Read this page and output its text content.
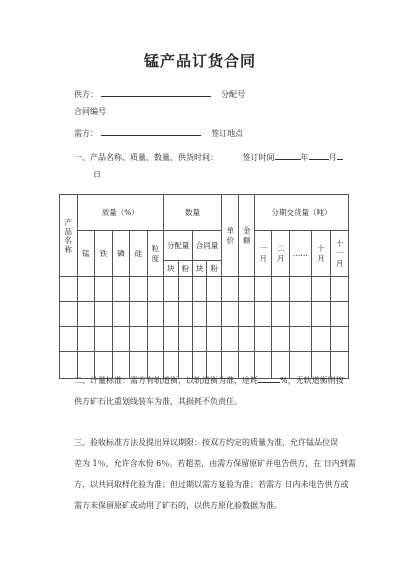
锰产品订货合同
供方：	分配号
合同编号
需方：	签订地点
一、产品名称、质量、数量、供货时间：	签订时间	年	月
日
产品名称	质量（%）					数量				单价	金额	分期交货量（吨）				
	锰	铁	磷	硅	粒度	分配量		合同量				一月	二月	……	十月	十一月

						块	粉	块	粉							

二、计量标准：需方有轨道衡，以轨道衡为准，途耗	%，无轨道衡则按
供方矿石比重划线装车为准，其损耗不负责任。
三、验收标准方法及提出异议期限：按双方约定的质量为准，允许锰品位误
差为 1％，允许含水份 6％。若超差，由需方保留原矿并电告供方，在 日内到需
方，以共同取样化验为准；但过期以需方复验为准；若需方 日内未电告供方或
需方未保留原矿或动用了矿石的，以供方原化验数据为准。
